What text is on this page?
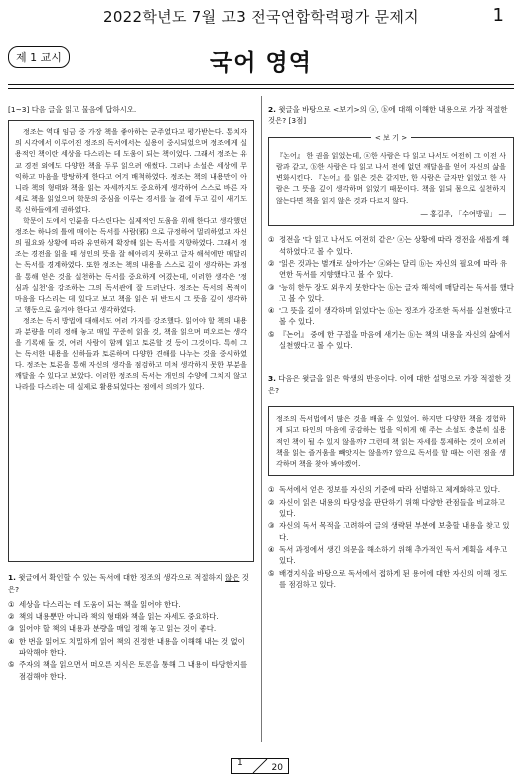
2022학년도 7월 고3 전국연합학력평가 문제지	1
제 1 교시	국어 영역
[1~3] 다음 글을 읽고 물음에 답하시오.

정조는 역대 임금 중 가장 책을 좋아하는 군주였다고 평가받는다. 통치자의 시각에서 이루어진 정조의 독서에서는 실용이 중시되었으며 정조에게 실용적인 책이란 세상을 다스리는 데 도움이 되는 책이었다. 그래서 정조는 유교 경전 외에도 다양한 책을 두루 읽으려 애썼다. 그러나 소설은 세상에 무익하고 마음을 방탕하게 한다고 여겨 배척하였다. 정조는 책의 내용만이 아니라 책의 형태와 책을 읽는 자세까지도 중요하게 생각하여 스스로 바른 자세로 책을 읽었으며 학문의 중심을 이루는 경서를 늘 곁에 두고 깊이 새기도록 신하들에게 권하였다.

학문이 도에서 인륜을 다스린다는 실제적인 도움을 위해 한다고 생각했던 정조는 하나의 틀에 매이는 독서를 사람(邪) 으로 규정하여 멀리하였고 자신의 필요와 상황에 따라 유연하게 확장해 읽는 독서를 지향하였다. 그래서 정조는 경전을 읽을 때 성인의 뜻을 잘 헤아리지 못하고 글자 해석에만 매달리는 독서를 경계하였다. 또한 정조는 책의 내용을 스스로 깊이 생각하는 과정을 통해 얻은 것을 실천하는 독서를 중요하게 여겼는데, 이러한 생각은 '정심과 실천'을 강조하는 그의 독서관에 잘 드러난다. 정조는 독서의 목적이 마음을 다스리는 데 있다고 보고 책을 읽은 뒤 반드시 그 뜻을 깊이 생각하고 행동으로 옮겨야 한다고 생각하였다.

정조는 독서 방법에 대해서도 여러 가지를 강조했다. 읽어야 할 책의 내용과 분량을 미리 정해 놓고 매일 꾸준히 읽을 것, 책을 읽으며 떠오르는 생각을 기록해 둘 것, 여러 사람이 함께 읽고 토론할 것 등이 그것이다. 특히 그는 독서한 내용을 신하들과 토론하며 다양한 견해를 나누는 것을 중시하였다. 정조는 토론을 통해 자신의 생각을 점검하고 미처 생각하지 못한 부분을 깨달을 수 있다고 보았다. 이러한 정조의 독서는 개인의 수양에 그치지 않고 나라를 다스리는 데 실제로 활용되었다는 점에서 의의가 있다.

1. 윗글에서 확인할 수 있는 독서에 대한 정조의 생각으로 적절하지 않은 것은?

① 세상을 다스리는 데 도움이 되는 책을 읽어야 한다.
② 책의 내용뿐만 아니라 책의 형태와 책을 읽는 자세도 중요하다.
③ 읽어야 할 책의 내용과 분량을 매일 정해 놓고 읽는 것이 좋다.
④ 한 번을 읽어도 치밀하게 읽어 책의 진정한 내용을 이해해 내는 것 없이 파악해야 한다.
⑤ 주자의 책을 읽으면서 떠오른 지식은 토론을 통해 그 내용이 타당한지를 점검해야 한다.

2. 윗글을 바탕으로 <보기>의 ⓐ, ⓑ에 대해 이해한 내용으로 가장 적절한 것은? [3점]

< 보 기 >
『논어』 한 권을 읽었는데, ⓐ한 사람은 다 읽고 나서도 여전히 그 이전 사람과 같고, ⓑ한 사람은 다 읽고 나서 전에 없던 깨달음을 얻어 자신의 삶을 변화시킨다. 『논어』를 읽은 것은 같지만, 한 사람은 글자만 읽었고 한 사람은 그 뜻을 깊이 생각하며 읽었기 때문이다. 책을 읽되 몸으로 실천하지 않는다면 책을 읽지 않은 것과 다르지 않다.
― 홍길주, 「수여방필」 ―
① 정전을 '다 읽고 나서도 여전히 같은' ⓐ는 상황에 따라 경전을 새롭게 해석하였다고 볼 수 있다.
② '읽은 것과는 별개로 살아가는' ⓐ와는 달리 ⓑ는 자신의 필요에 따라 유연한 독서를 지향했다고 볼 수 있다.
③ '능히 한두 장도 외우지 못한다'는 ⓑ는 글자 해석에 매달리는 독서를 했다고 볼 수 있다.
④ '그 뜻을 깊이 생각하며 읽었다'는 ⓑ는 정조가 강조한 독서를 실천했다고 볼 수 있다.
⑤ 『논어』 중에 한 구절을 마음에 새기는 ⓑ는 책의 내용을 자신의 삶에서 실천했다고 볼 수 있다.

3. 다음은 윗글을 읽은 학생의 반응이다. 이에 대한 설명으로 가장 적절한 것은?

정조의 독서법에서 많은 것을 배울 수 있었어. 하지만 다양한 책을 경험하게 되고 타인의 마음에 공감하는 법을 익히게 해 주는 소설도 충분히 실용적인 책이 될 수 있지 않을까? 그런데 책 읽는 자세를 통제하는 것이 오히려 책을 읽는 즐거움을 빼앗지는 않을까? 앞으로 독서를 할 때는 이런 점을 생각하며 책을 찾아 봐야겠어.
① 독서에서 얻은 정보를 자신의 기준에 따라 선별하고 체계화하고 있다.
② 자신이 읽은 내용의 타당성을 판단하기 위해 다양한 관점들을 비교하고 있다.
③ 자신의 독서 목적을 고려하여 글의 생략된 부분에 보충할 내용을 찾고 있다.
④ 독서 과정에서 생긴 의문을 해소하기 위해 추가적인 독서 계획을 세우고 있다.
⑤ 배경지식을 바탕으로 독서에서 접하게 된 용어에 대한 자신의 이해 정도를 점검하고 있다.
1	20
